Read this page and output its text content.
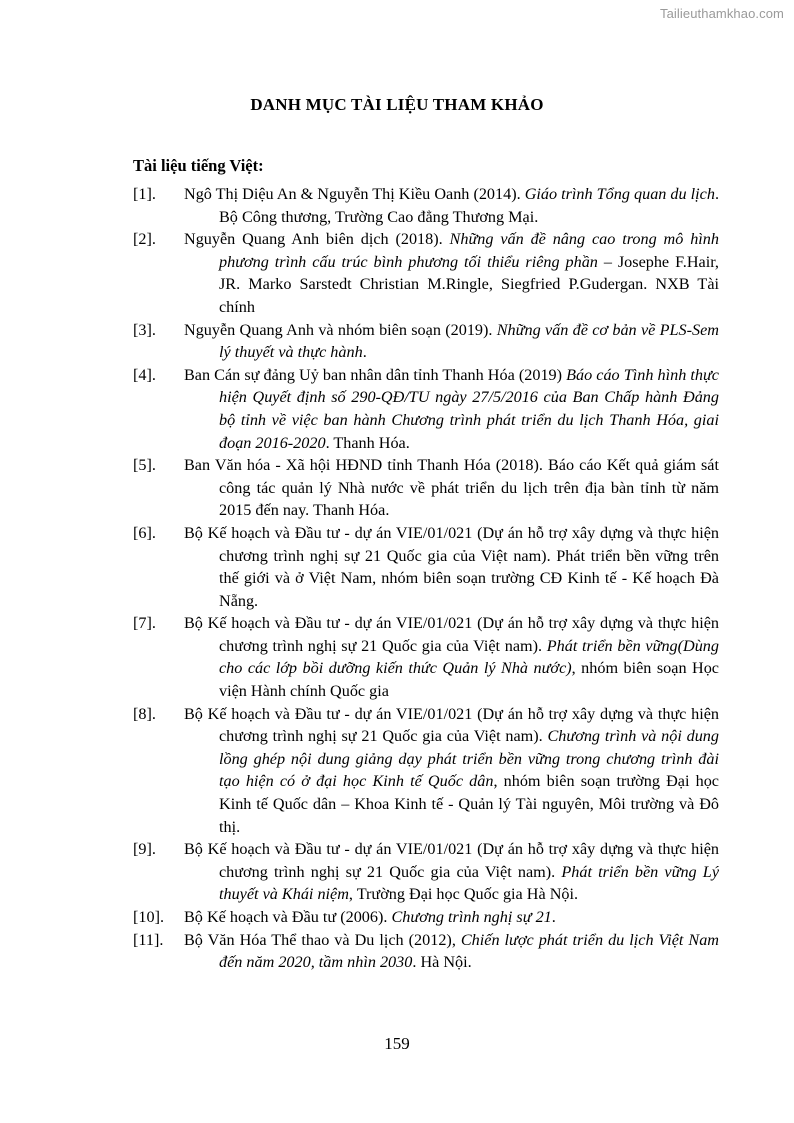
Tailieuthamkhao.com
DANH MỤC TÀI LIỆU THAM KHẢO
Tài liệu tiếng Việt:
[1]. Ngô Thị Diệu An & Nguyễn Thị Kiều Oanh (2014). Giáo trình Tổng quan du lịch. Bộ Công thương, Trường Cao đẳng Thương Mại.
[2]. Nguyễn Quang Anh biên dịch (2018). Những vấn đề nâng cao trong mô hình phương trình cấu trúc bình phương tối thiểu riêng phần – Josephe F.Hair, JR. Marko Sarstedt Christian M.Ringle, Siegfried P.Gudergan. NXB Tài chính
[3]. Nguyễn Quang Anh và nhóm biên soạn (2019). Những vấn đề cơ bản về PLS-Sem lý thuyết và thực hành.
[4]. Ban Cán sự đảng Uỷ ban nhân dân tỉnh Thanh Hóa (2019) Báo cáo Tình hình thực hiện Quyết định số 290-QĐ/TU ngày 27/5/2016 của Ban Chấp hành Đảng bộ tỉnh về việc ban hành Chương trình phát triển du lịch Thanh Hóa, giai đoạn 2016-2020. Thanh Hóa.
[5]. Ban Văn hóa - Xã hội HĐND tỉnh Thanh Hóa (2018). Báo cáo Kết quả giám sát công tác quản lý Nhà nước về phát triển du lịch trên địa bàn tỉnh từ năm 2015 đến nay. Thanh Hóa.
[6]. Bộ Kế hoạch và Đầu tư - dự án VIE/01/021 (Dự án hỗ trợ xây dựng và thực hiện chương trình nghị sự 21 Quốc gia của Việt nam). Phát triển bền vững trên thế giới và ở Việt Nam, nhóm biên soạn trường CĐ Kinh tế - Kế hoạch Đà Nẵng.
[7]. Bộ Kế hoạch và Đầu tư - dự án VIE/01/021 (Dự án hỗ trợ xây dựng và thực hiện chương trình nghị sự 21 Quốc gia của Việt nam). Phát triển bền vững(Dùng cho các lớp bồi dưỡng kiến thức Quản lý Nhà nước), nhóm biên soạn Học viện Hành chính Quốc gia
[8]. Bộ Kế hoạch và Đầu tư - dự án VIE/01/021 (Dự án hỗ trợ xây dựng và thực hiện chương trình nghị sự 21 Quốc gia của Việt nam). Chương trình và nội dung lồng ghép nội dung giảng dạy phát triển bền vững trong chương trình đài tạo hiện có ở đại học Kinh tế Quốc dân, nhóm biên soạn trường Đại học Kinh tế Quốc dân – Khoa Kinh tế - Quản lý Tài nguyên, Môi trường và Đô thị.
[9]. Bộ Kế hoạch và Đầu tư - dự án VIE/01/021 (Dự án hỗ trợ xây dựng và thực hiện chương trình nghị sự 21 Quốc gia của Việt nam). Phát triển bền vững Lý thuyết và Khái niệm, Trường Đại học Quốc gia Hà Nội.
[10]. Bộ Kế hoạch và Đầu tư (2006). Chương trình nghị sự 21.
[11]. Bộ Văn Hóa Thể thao và Du lịch (2012), Chiến lược phát triển du lịch Việt Nam đến năm 2020, tầm nhìn 2030. Hà Nội.
159
